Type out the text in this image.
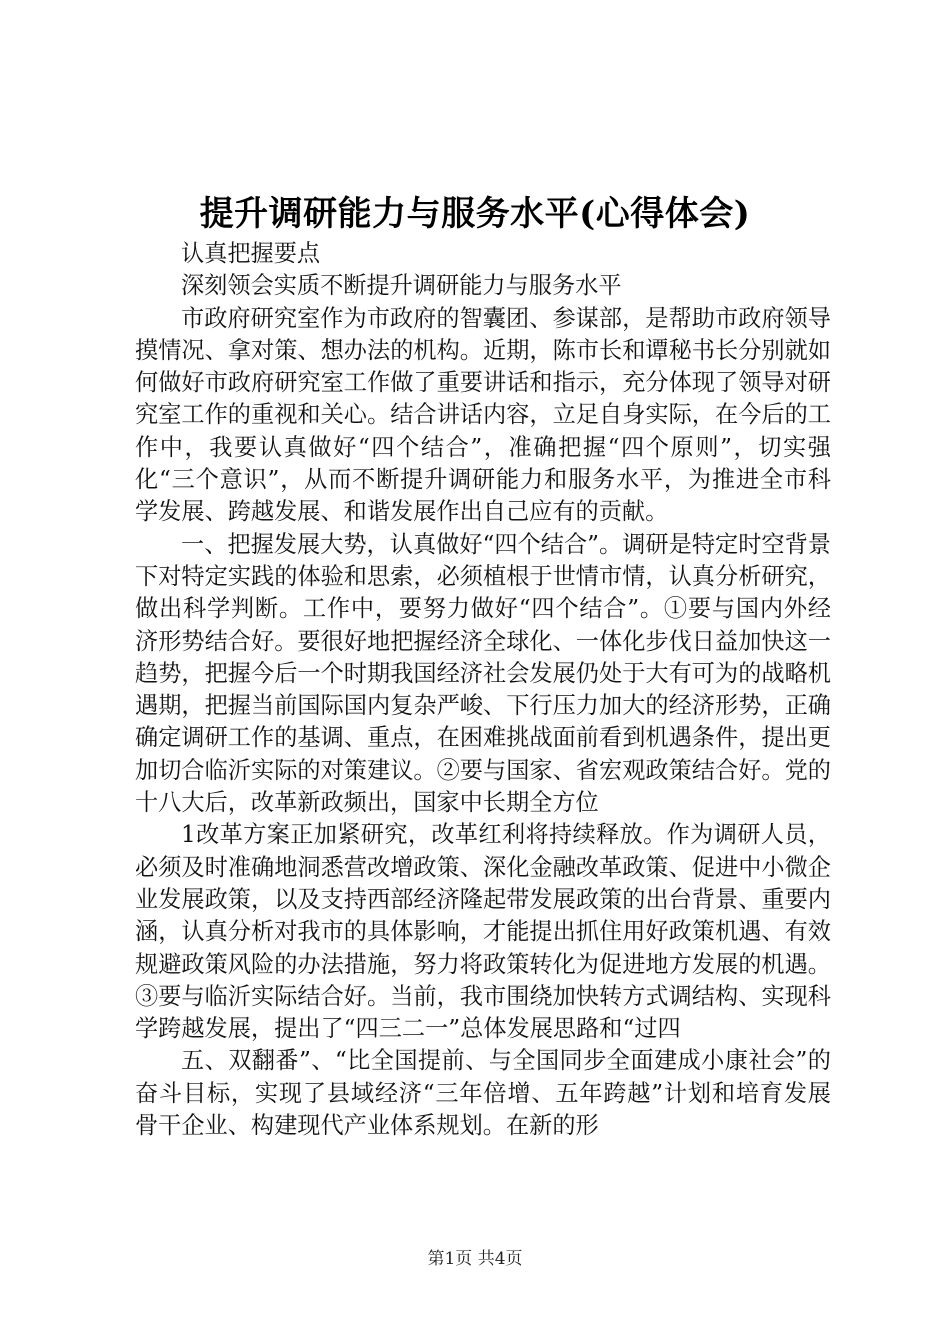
提升调研能力与服务水平(心得体会)

认真把握要点

深刻领会实质不断提升调研能力与服务水平

市政府研究室作为市政府的智囊团、参谋部，是帮助市政府领导摸情况、拿对策、想办法的机构。近期，陈市长和谭秘书长分别就如何做好市政府研究室工作做了重要讲话和指示，充分体现了领导对研究室工作的重视和关心。结合讲话内容，立足自身实际，在今后的工作中，我要认真做好“四个结合”，准确把握“四个原则”，切实强化“三个意识”，从而不断提升调研能力和服务水平，为推进全市科学发展、跨越发展、和谐发展作出自己应有的贡献。

一、把握发展大势，认真做好“四个结合”。调研是特定时空背景下对特定实践的体验和思索，必须植根于世情市情，认真分析研究，做出科学判断。工作中，要努力做好“四个结合”。①要与国内外经济形势结合好。要很好地把握经济全球化、一体化步伐日益加快这一趋势，把握今后一个时期我国经济社会发展仍处于大有可为的战略机遇期，把握当前国际国内复杂严峻、下行压力加大的经济形势，正确确定调研工作的基调、重点，在困难挑战面前看到机遇条件，提出更加切合临沂实际的对策建议。②要与国家、省宏观政策结合好。党的十八大后，改革新政频出，国家中长期全方位

1改革方案正加紧研究，改革红利将持续释放。作为调研人员，必须及时准确地洞悉营改增政策、深化金融改革政策、促进中小微企业发展政策，以及支持西部经济隆起带发展政策的出台背景、重要内涵，认真分析对我市的具体影响，才能提出抓住用好政策机遇、有效规避政策风险的办法措施，努力将政策转化为促进地方发展的机遇。③要与临沂实际结合好。当前，我市围绕加快转方式调结构、实现科学跨越发展，提出了“四三二一”总体发展思路和“过四

五、双翻番”、“比全国提前、与全国同步全面建成小康社会”的奋斗目标，实现了县域经济“三年倍增、五年跨越”计划和培育发展骨干企业、构建现代产业体系规划。在新的形

第1页 共4页
